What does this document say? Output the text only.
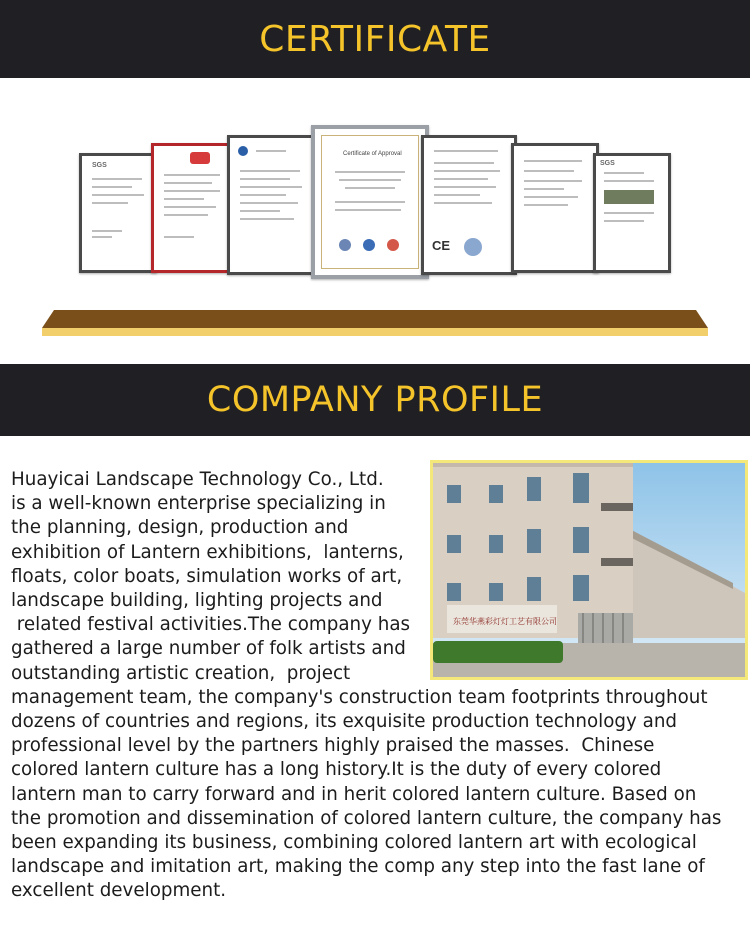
CERTIFICATE
SGS
Certificate of Approval
CE
SGS
COMPANY PROFILE
东莞华燕彩灯灯工艺有限公司
Huayicai Landscape Technology Co., Ltd.
is a well-known enterprise specializing in
the planning, design, production and
exhibition of Lantern exhibitions,  lanterns,
floats, color boats, simulation works of art,
landscape building, lighting projects and
related festival activities.The company has
gathered a large number of folk artists and
outstanding artistic creation,  project
management team, the company's construction team footprints throughout
dozens of countries and regions, its exquisite production technology and
professional level by the partners highly praised the masses.  Chinese
colored lantern culture has a long history.It is the duty of every colored
lantern man to carry forward and in herit colored lantern culture. Based on
the promotion and dissemination of colored lantern culture, the company has
been expanding its business, combining colored lantern art with ecological
landscape and imitation art, making the comp any step into the fast lane of
excellent development.
